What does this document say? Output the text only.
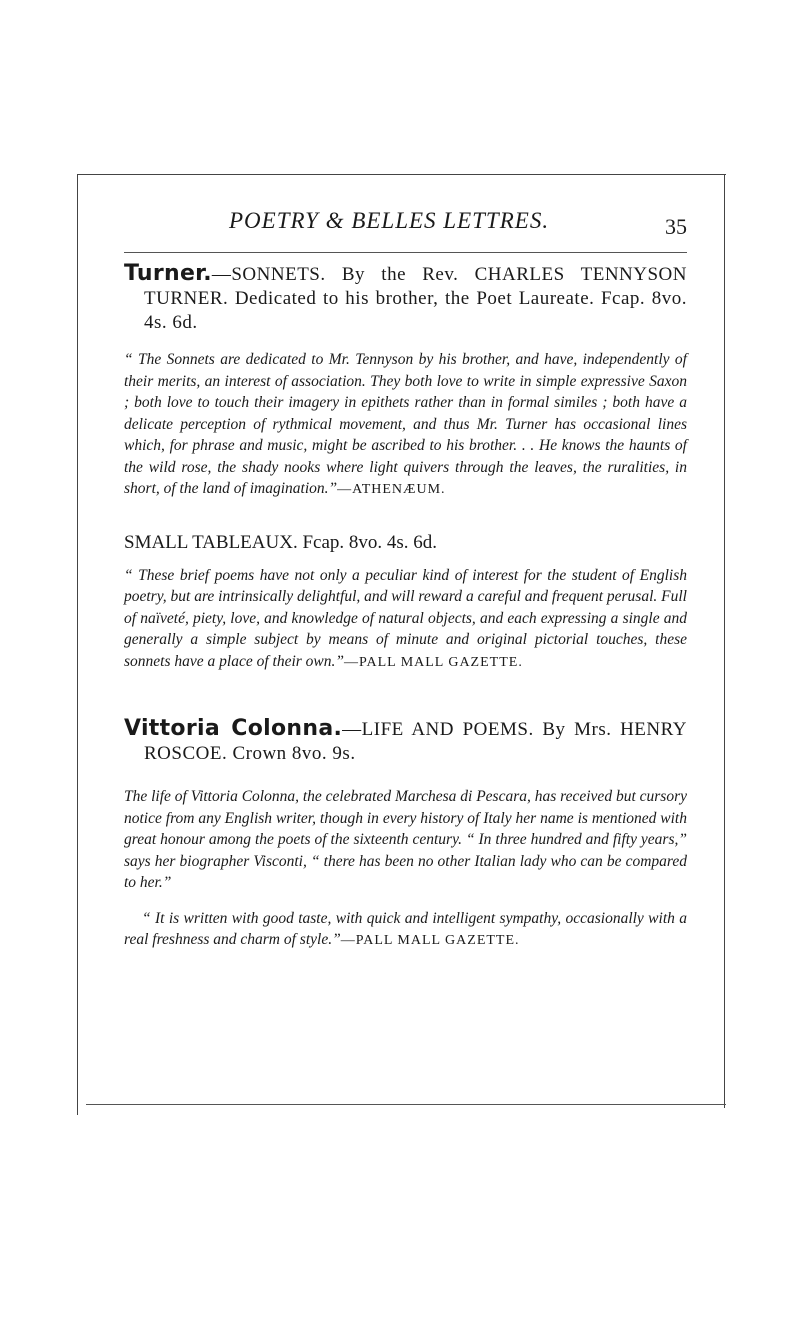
POETRY & BELLES LETTRES.	35

Turner.—SONNETS. By the Rev. CHARLES TENNYSON TURNER. Dedicated to his brother, the Poet Laureate. Fcap. 8vo. 4s. 6d.

“ The Sonnets are dedicated to Mr. Tennyson by his brother, and have, independently of their merits, an interest of association. They both love to write in simple expressive Saxon ; both love to touch their imagery in epithets rather than in formal similes ; both have a delicate perception of rythmical movement, and thus Mr. Turner has occasional lines which, for phrase and music, might be ascribed to his brother. . . He knows the haunts of the wild rose, the shady nooks where light quivers through the leaves, the ruralities, in short, of the land of imagination.”—ATHENÆUM.

SMALL TABLEAUX. Fcap. 8vo. 4s. 6d.

“ These brief poems have not only a peculiar kind of interest for the student of English poetry, but are intrinsically delightful, and will reward a careful and frequent perusal. Full of naïveté, piety, love, and knowledge of natural objects, and each expressing a single and generally a simple subject by means of minute and original pictorial touches, these sonnets have a place of their own.”—PALL MALL GAZETTE.

Vittoria Colonna.—LIFE AND POEMS. By Mrs. HENRY ROSCOE. Crown 8vo. 9s.

The life of Vittoria Colonna, the celebrated Marchesa di Pescara, has received but cursory notice from any English writer, though in every history of Italy her name is mentioned with great honour among the poets of the sixteenth century. “ In three hundred and fifty years,” says her biographer Visconti, “ there has been no other Italian lady who can be compared to her.”

“ It is written with good taste, with quick and intelligent sympathy, occasionally with a real freshness and charm of style.”—PALL MALL GAZETTE.
